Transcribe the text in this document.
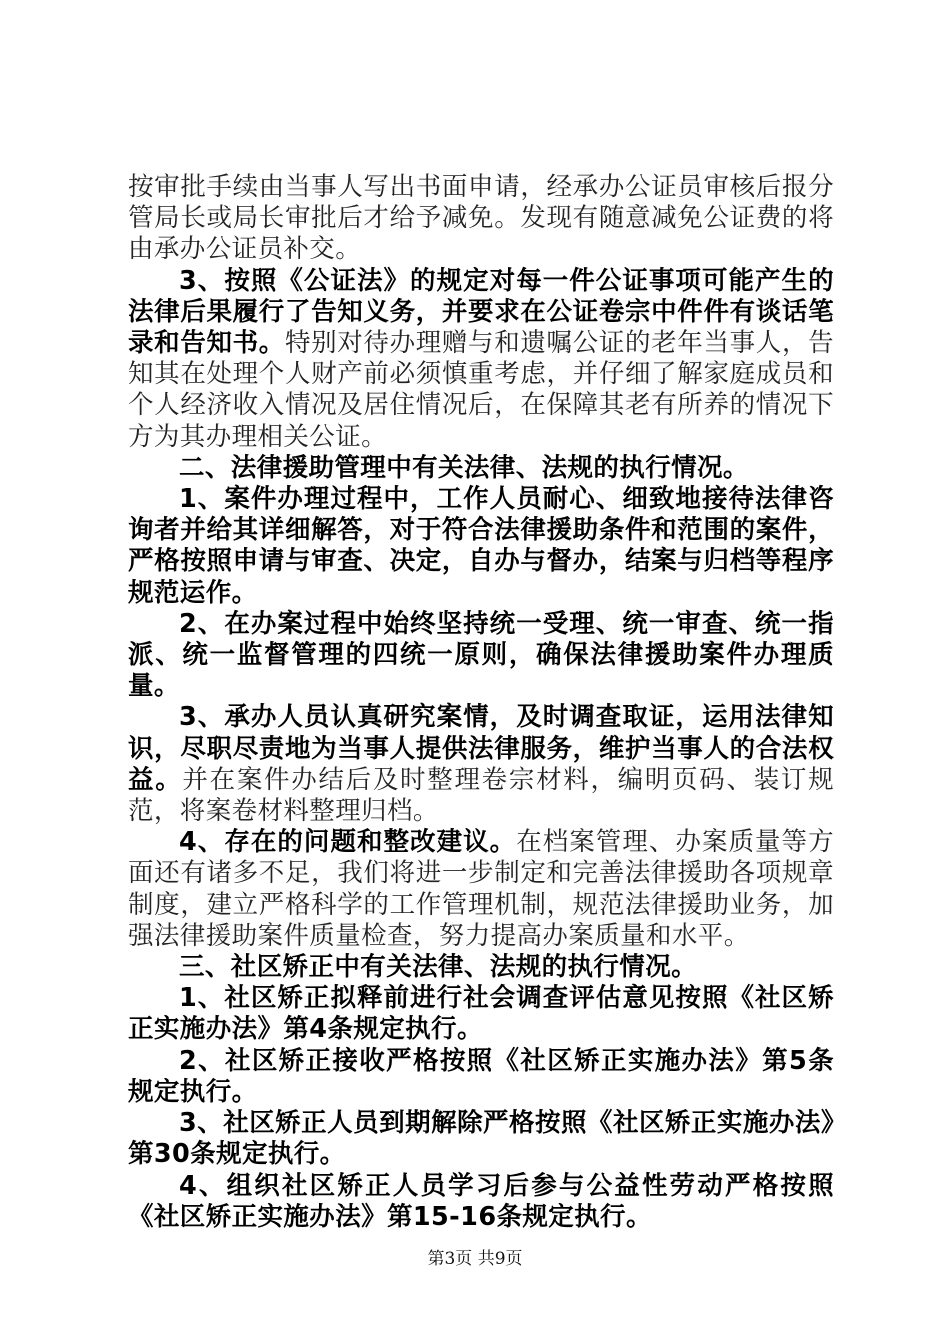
按审批手续由当事人写出书面申请，经承办公证员审核后报分管局长或局长审批后才给予减免。发现有随意减免公证费的将由承办公证员补交。

3、按照《公证法》的规定对每一件公证事项可能产生的法律后果履行了告知义务，并要求在公证卷宗中件件有谈话笔录和告知书。特别对待办理赠与和遗嘱公证的老年当事人，告知其在处理个人财产前必须慎重考虑，并仔细了解家庭成员和个人经济收入情况及居住情况后，在保障其老有所养的情况下方为其办理相关公证。

二、法律援助管理中有关法律、法规的执行情况。

1、案件办理过程中，工作人员耐心、细致地接待法律咨询者并给其详细解答，对于符合法律援助条件和范围的案件，严格按照申请与审查、决定，自办与督办，结案与归档等程序规范运作。

2、在办案过程中始终坚持统一受理、统一审查、统一指派、统一监督管理的四统一原则，确保法律援助案件办理质量。

3、承办人员认真研究案情，及时调查取证，运用法律知识，尽职尽责地为当事人提供法律服务，维护当事人的合法权益。并在案件办结后及时整理卷宗材料，编明页码、装订规范，将案卷材料整理归档。

4、存在的问题和整改建议。在档案管理、办案质量等方面还有诸多不足，我们将进一步制定和完善法律援助各项规章制度，建立严格科学的工作管理机制，规范法律援助业务，加强法律援助案件质量检查，努力提高办案质量和水平。

三、社区矫正中有关法律、法规的执行情况。

1、社区矫正拟释前进行社会调查评估意见按照《社区矫正实施办法》第4条规定执行。

2、社区矫正接收严格按照《社区矫正实施办法》第5条规定执行。

3、社区矫正人员到期解除严格按照《社区矫正实施办法》第30条规定执行。

4、组织社区矫正人员学习后参与公益性劳动严格按照《社区矫正实施办法》第15-16条规定执行。

第3页 共9页
